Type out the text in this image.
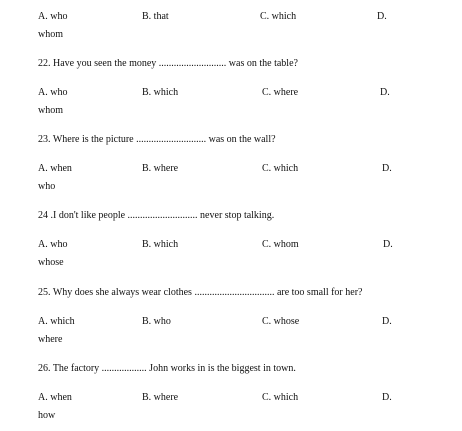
A. who	B. that	C. which	D.
whom
22. Have you seen the money ........................... was on the table?
A. who	B. which	C. where	D.
whom
23. Where is the picture ............................ was on the wall?
A. when	B. where	C. which	D.
who
24 .I don't like people ............................ never stop talking.
A. who	B. which	C. whom	D.
whose
25. Why does she always wear clothes ................................ are too small for her?
A. which	B. who	C. whose	D.
where
26. The factory .................. John works in is the biggest in town.
A. when	B. where	C. which	D.
how
